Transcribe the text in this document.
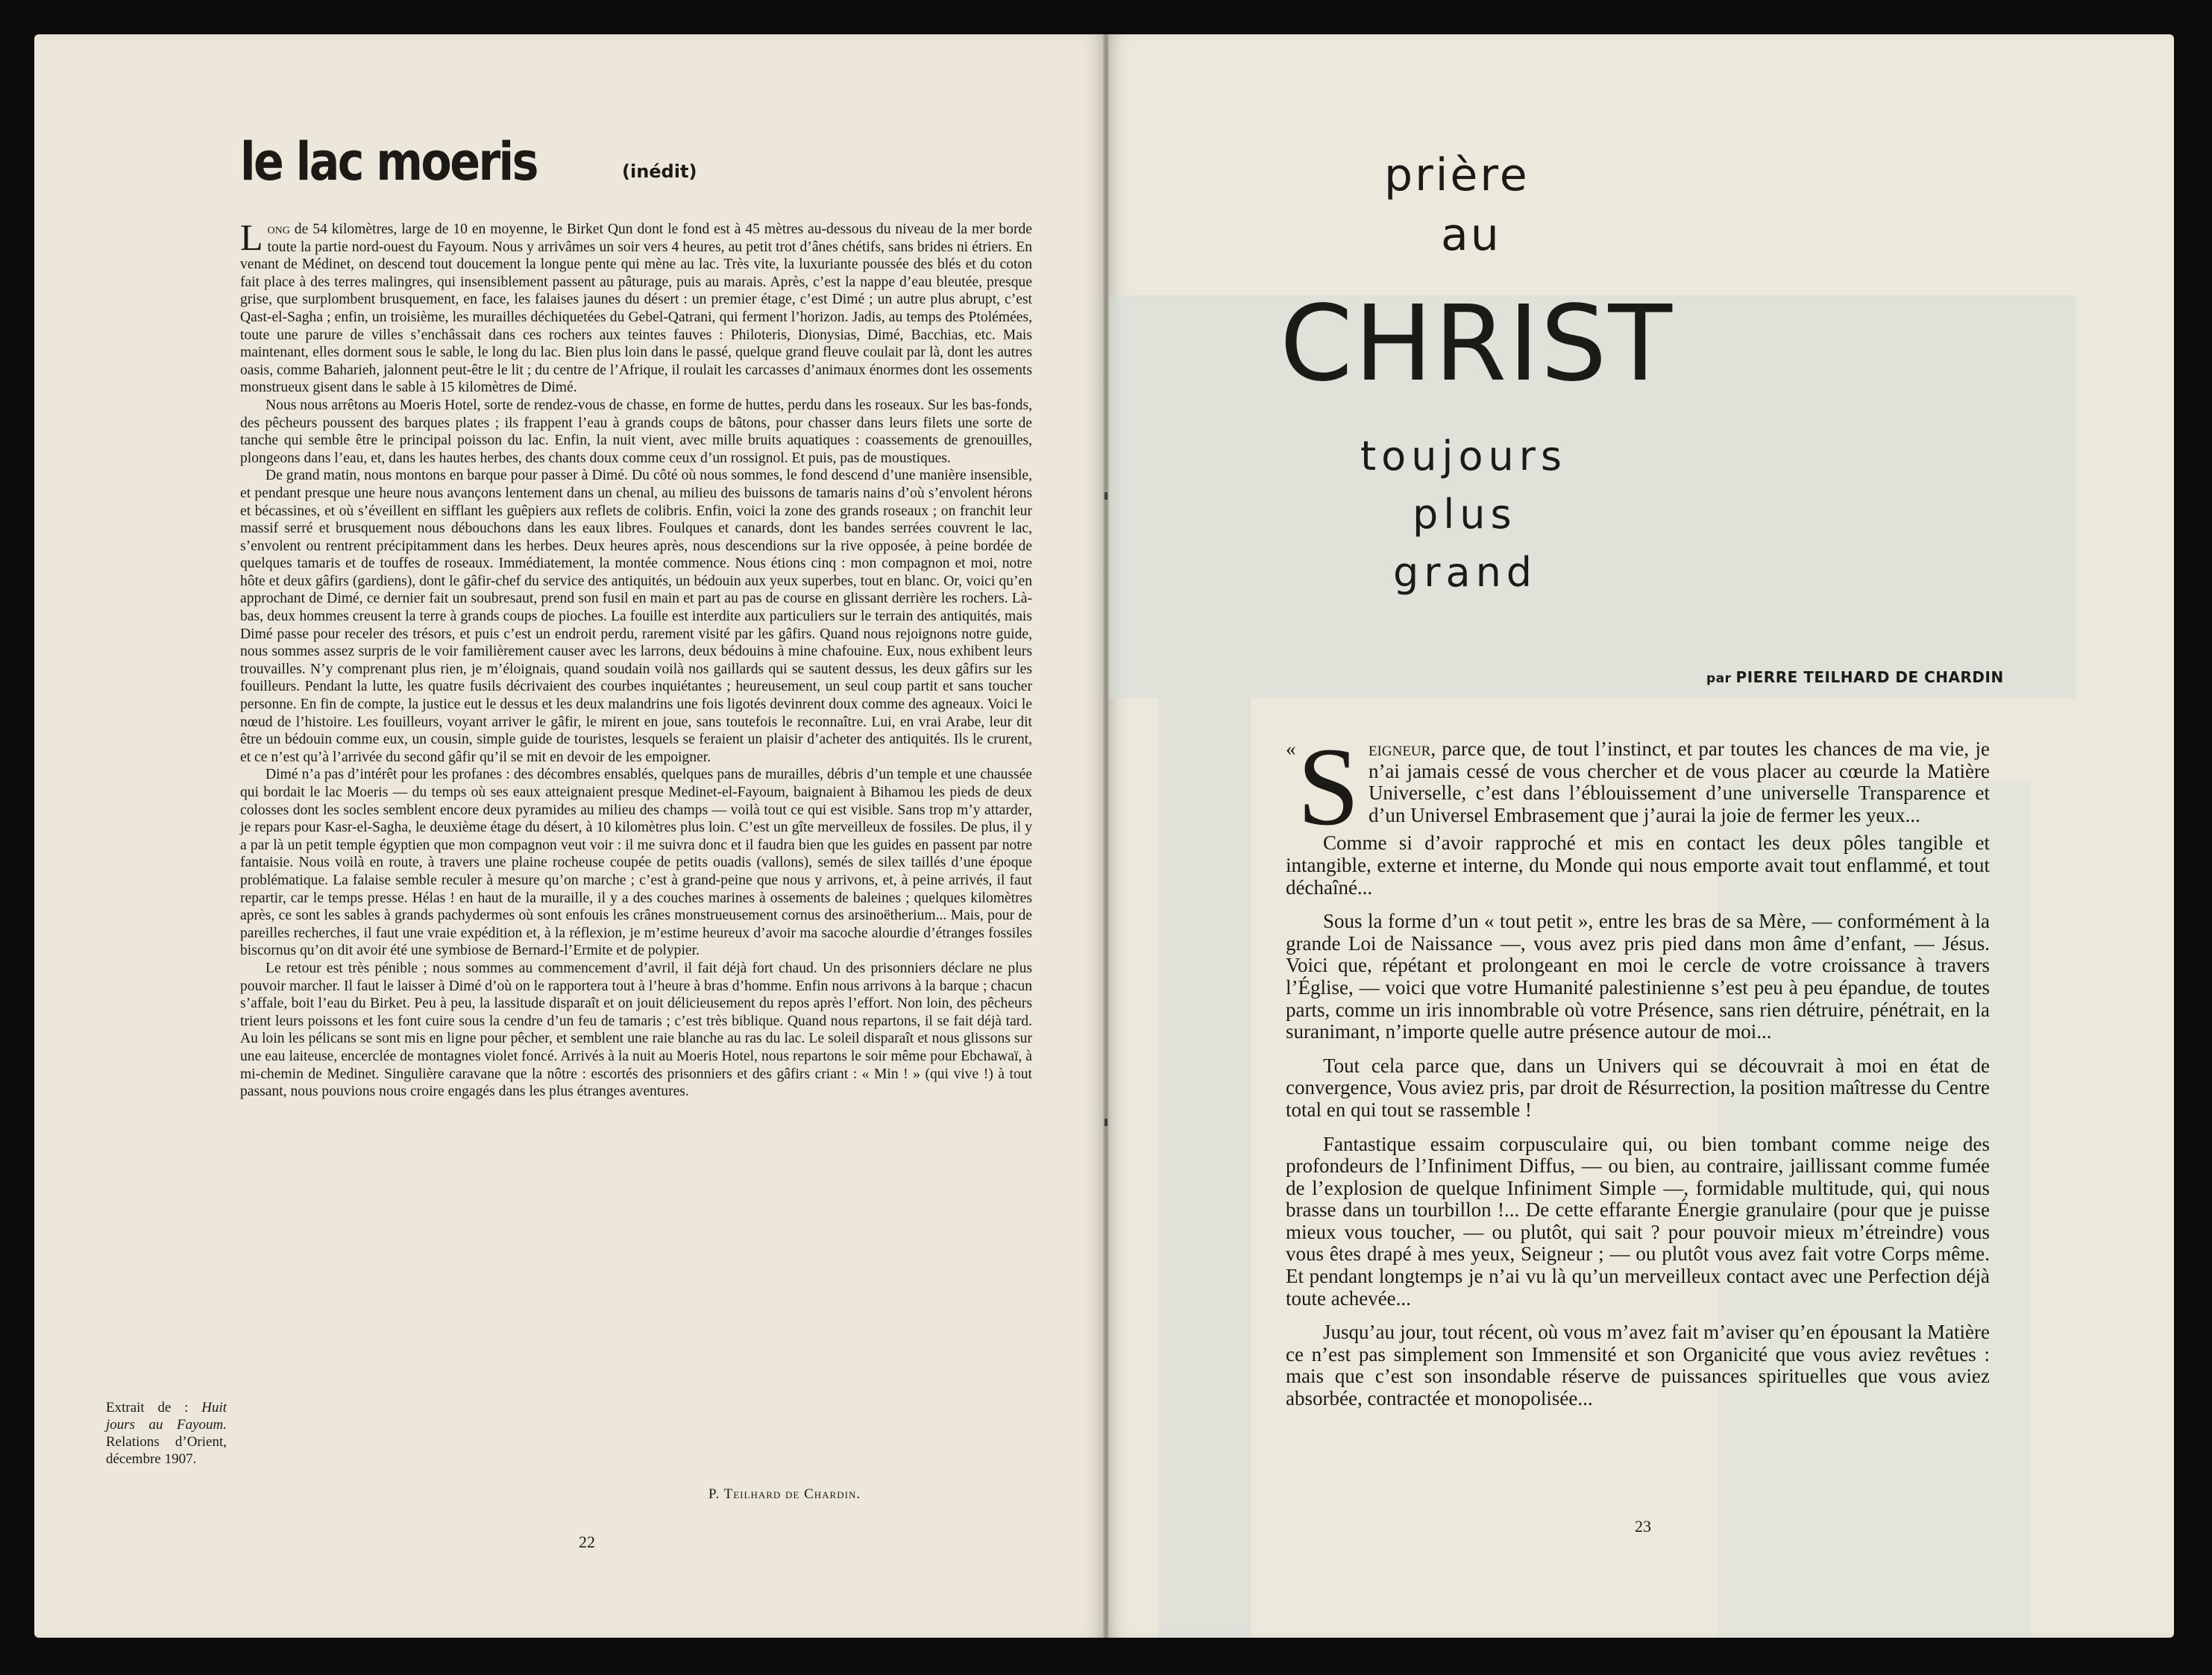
le lac moeris	(inédit)

Long de 54 kilomètres, large de 10 en moyenne, le Birket Qun dont le fond est à 45 mètres au-dessous du niveau de la mer borde toute la partie nord-ouest du Fayoum. Nous y arrivâmes un soir vers 4 heures, au petit trot d’ânes chétifs, sans brides ni étriers. En venant de Médinet, on descend tout doucement la longue pente qui mène au lac. Très vite, la luxuriante poussée des blés et du coton fait place à des terres malingres, qui insensiblement passent au pâturage, puis au marais. Après, c’est la nappe d’eau bleutée, presque grise, que surplombent brusquement, en face, les falaises jaunes du désert : un premier étage, c’est Dimé ; un autre plus abrupt, c’est Qast-el-Sagha ; enfin, un troisième, les murailles déchiquetées du Gebel-Qatrani, qui ferment l’horizon. Jadis, au temps des Ptolémées, toute une parure de villes s’enchâssait dans ces rochers aux teintes fauves : Philoteris, Dionysias, Dimé, Bacchias, etc. Mais maintenant, elles dorment sous le sable, le long du lac. Bien plus loin dans le passé, quelque grand fleuve coulait par là, dont les autres oasis, comme Baharieh, jalonnent peut-être le lit ; du centre de l’Afrique, il roulait les carcasses d’animaux énormes dont les ossements monstrueux gisent dans le sable à 15 kilomètres de Dimé.

Nous nous arrêtons au Moeris Hotel, sorte de rendez-vous de chasse, en forme de huttes, perdu dans les roseaux. Sur les bas-fonds, des pêcheurs poussent des barques plates ; ils frappent l’eau à grands coups de bâtons, pour chasser dans leurs filets une sorte de tanche qui semble être le principal poisson du lac. Enfin, la nuit vient, avec mille bruits aquatiques : coassements de grenouilles, plongeons dans l’eau, et, dans les hautes herbes, des chants doux comme ceux d’un rossignol. Et puis, pas de moustiques.

De grand matin, nous montons en barque pour passer à Dimé. Du côté où nous sommes, le fond descend d’une manière insensible, et pendant presque une heure nous avançons lentement dans un chenal, au milieu des buissons de tamaris nains d’où s’envolent hérons et bécassines, et où s’éveillent en sifflant les guêpiers aux reflets de colibris. Enfin, voici la zone des grands roseaux ; on franchit leur massif serré et brusquement nous débouchons dans les eaux libres. Foulques et canards, dont les bandes serrées couvrent le lac, s’envolent ou rentrent précipitamment dans les herbes. Deux heures après, nous descendions sur la rive opposée, à peine bordée de quelques tamaris et de touffes de roseaux. Immédiatement, la montée commence. Nous étions cinq : mon compagnon et moi, notre hôte et deux gâfirs (gardiens), dont le gâfir-chef du service des antiquités, un bédouin aux yeux superbes, tout en blanc. Or, voici qu’en approchant de Dimé, ce dernier fait un soubresaut, prend son fusil en main et part au pas de course en glissant derrière les rochers. Là-bas, deux hommes creusent la terre à grands coups de pioches. La fouille est interdite aux particuliers sur le terrain des antiquités, mais Dimé passe pour receler des trésors, et puis c’est un endroit perdu, rarement visité par les gâfirs. Quand nous rejoignons notre guide, nous sommes assez surpris de le voir familièrement causer avec les larrons, deux bédouins à mine chafouine. Eux, nous exhibent leurs trouvailles. N’y comprenant plus rien, je m’éloignais, quand soudain voilà nos gaillards qui se sautent dessus, les deux gâfirs sur les fouilleurs. Pendant la lutte, les quatre fusils décrivaient des courbes inquiétantes ; heureusement, un seul coup partit et sans toucher personne. En fin de compte, la justice eut le dessus et les deux malandrins une fois ligotés devinrent doux comme des agneaux. Voici le nœud de l’histoire. Les fouilleurs, voyant arriver le gâfir, le mirent en joue, sans toutefois le reconnaître. Lui, en vrai Arabe, leur dit être un bédouin comme eux, un cousin, simple guide de touristes, lesquels se feraient un plaisir d’acheter des antiquités. Ils le crurent, et ce n’est qu’à l’arrivée du second gâfir qu’il se mit en devoir de les empoigner.

Dimé n’a pas d’intérêt pour les profanes : des décombres ensablés, quelques pans de murailles, débris d’un temple et une chaussée qui bordait le lac Moeris — du temps où ses eaux atteignaient presque Medinet-el-Fayoum, baignaient à Bihamou les pieds de deux colosses dont les socles semblent encore deux pyramides au milieu des champs — voilà tout ce qui est visible. Sans trop m’y attarder, je repars pour Kasr-el-Sagha, le deuxième étage du désert, à 10 kilomètres plus loin. C’est un gîte merveilleux de fossiles. De plus, il y a par là un petit temple égyptien que mon compagnon veut voir : il me suivra donc et il faudra bien que les guides en passent par notre fantaisie. Nous voilà en route, à travers une plaine rocheuse coupée de petits ouadis (vallons), semés de silex taillés d’une époque problématique. La falaise semble reculer à mesure qu’on marche ; c’est à grand-peine que nous y arrivons, et, à peine arrivés, il faut repartir, car le temps presse. Hélas ! en haut de la muraille, il y a des couches marines à ossements de baleines ; quelques kilomètres après, ce sont les sables à grands pachydermes où sont enfouis les crânes monstrueusement cornus des arsinoëtherium... Mais, pour de pareilles recherches, il faut une vraie expédition et, à la réflexion, je m’estime heureux d’avoir ma sacoche alourdie d’étranges fossiles biscornus qu’on dit avoir été une symbiose de Bernard-l’Ermite et de polypier.

Le retour est très pénible ; nous sommes au commencement d’avril, il fait déjà fort chaud. Un des prisonniers déclare ne plus pouvoir marcher. Il faut le laisser à Dimé d’où on le rapportera tout à l’heure à bras d’homme. Enfin nous arrivons à la barque ; chacun s’affale, boit l’eau du Birket. Peu à peu, la lassitude disparaît et on jouit délicieusement du repos après l’effort. Non loin, des pêcheurs trient leurs poissons et les font cuire sous la cendre d’un feu de tamaris ; c’est très biblique. Quand nous repartons, il se fait déjà tard. Au loin les pélicans se sont mis en ligne pour pêcher, et semblent une raie blanche au ras du lac. Le soleil disparaît et nous glissons sur une eau laiteuse, encerclée de montagnes violet foncé. Arrivés à la nuit au Moeris Hotel, nous repartons le soir même pour Ebchawaï, à mi-chemin de Medinet. Singulière caravane que la nôtre : escortés des prisonniers et des gâfirs criant : « Min ! » (qui vive !) à tout passant, nous pouvions nous croire engagés dans les plus étranges aventures.

Extrait de : Huit jours au Fayoum. Relations d’Orient, décembre 1907.
P. Teilhard de Chardin.
22
prière
au
CHRIST
toujours
plus
grand
par PIERRE TEILHARD DE CHARDIN

« S eigneur, parce que, de tout l’instinct, et par toutes les chances de ma vie, je n’ai jamais cessé de vous chercher et de vous placer au cœurde la Matière Universelle, c’est dans l’éblouissement d’une universelle Transparence et d’un Universel Embrasement que j’aurai la joie de fermer les yeux...

Comme si d’avoir rapproché et mis en contact les deux pôles tangible et intangible, externe et interne, du Monde qui nous emporte avait tout enflammé, et tout déchaîné...

Sous la forme d’un « tout petit », entre les bras de sa Mère, — conformément à la grande Loi de Naissance —, vous avez pris pied dans mon âme d’enfant, — Jésus. Voici que, répétant et prolongeant en moi le cercle de votre croissance à travers l’Église, — voici que votre Humanité palestinienne s’est peu à peu épandue, de toutes parts, comme un iris innombrable où votre Présence, sans rien détruire, pénétrait, en la suranimant, n’importe quelle autre présence autour de moi...

Tout cela parce que, dans un Univers qui se découvrait à moi en état de convergence, Vous aviez pris, par droit de Résurrection, la position maîtresse du Centre total en qui tout se rassemble !

Fantastique essaim corpusculaire qui, ou bien tombant comme neige des profondeurs de l’Infiniment Diffus, — ou bien, au contraire, jaillissant comme fumée de l’explosion de quelque Infiniment Simple —, formidable multitude, qui, qui nous brasse dans un tourbillon !... De cette effarante Énergie granulaire (pour que je puisse mieux vous toucher, — ou plutôt, qui sait ? pour pouvoir mieux m’étreindre) vous vous êtes drapé à mes yeux, Seigneur ; — ou plutôt vous avez fait votre Corps même. Et pendant longtemps je n’ai vu là qu’un merveilleux contact avec une Perfection déjà toute achevée...

Jusqu’au jour, tout récent, où vous m’avez fait m’aviser qu’en épousant la Matière ce n’est pas simplement son Immensité et son Organicité que vous aviez revêtues : mais que c’est son insondable réserve de puissances spirituelles que vous aviez absorbée, contractée et monopolisée...

23
